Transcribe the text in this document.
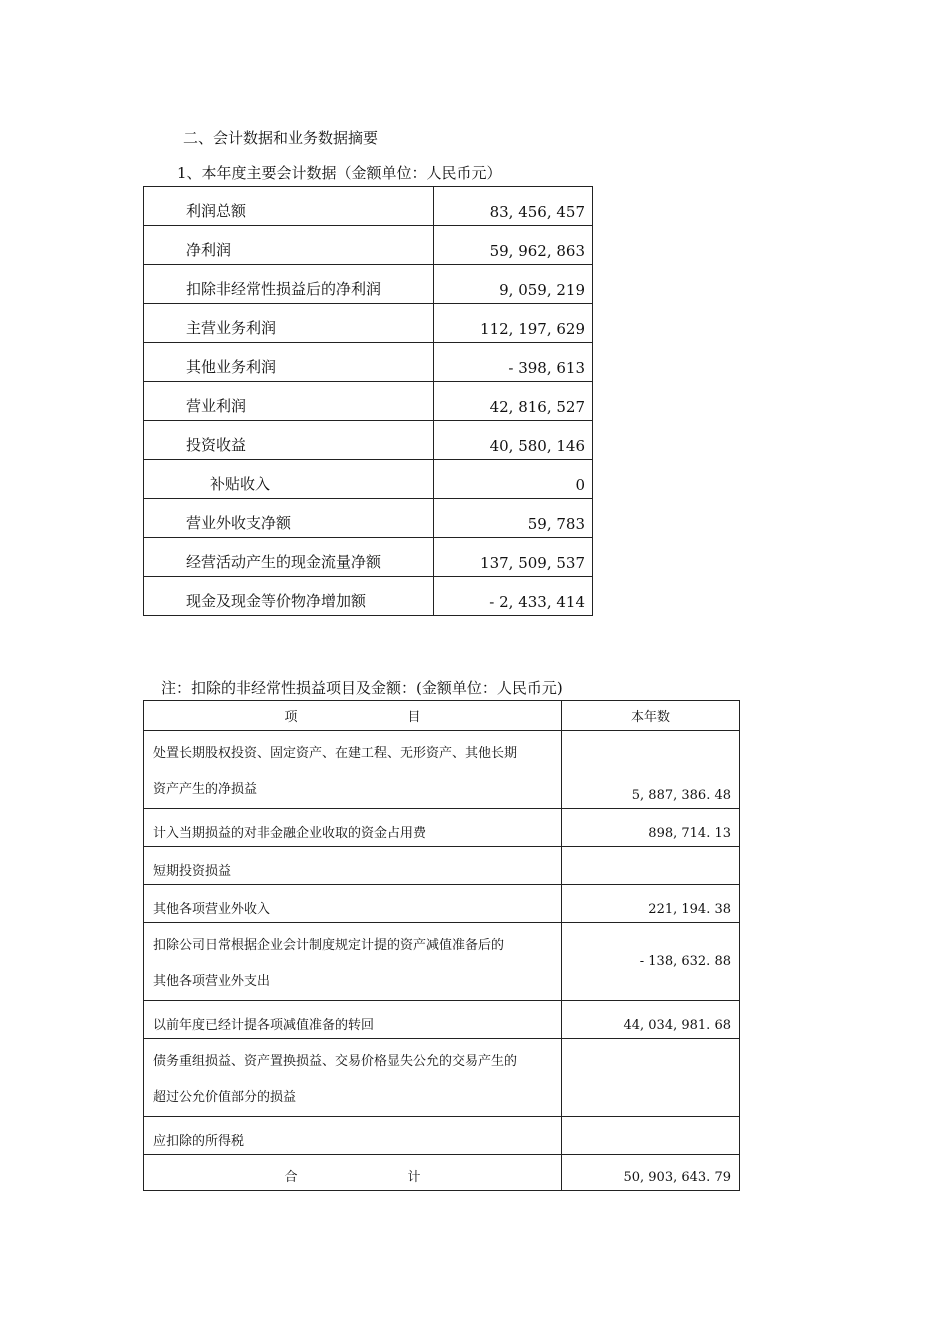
二、会计数据和业务数据摘要
1、本年度主要会计数据（金额单位：人民币元）
利润总额	83, 456, 457
净利润	59, 962, 863
扣除非经常性损益后的净利润	9, 059, 219
主营业务利润	112, 197, 629
其他业务利润	- 398, 613
营业利润	42, 816, 527
投资收益	40, 580, 146
补贴收入	0
营业外收支净额	59, 783
经营活动产生的现金流量净额	137, 509, 537
现金及现金等价物净增加额	- 2, 433, 414
注：扣除的非经常性损益项目及金额：(金额单位：人民币元)
项 目	本年数

处置长期股权投资、固定资产、在建工程、无形资产、其他长期
资产产生的净损益	5, 887, 386. 48
计入当期损益的对非金融企业收取的资金占用费	898, 714. 13
短期投资损益	
其他各项营业外收入	221, 194. 38

扣除公司日常根据企业会计制度规定计提的资产减值准备后的
其他各项营业外支出	- 138, 632. 88
以前年度已经计提各项减值准备的转回	44, 034, 981. 68

债务重组损益、资产置换损益、交易价格显失公允的交易产生的
超过公允价值部分的损益	

应扣除的所得税	
合 计	50, 903, 643. 79
